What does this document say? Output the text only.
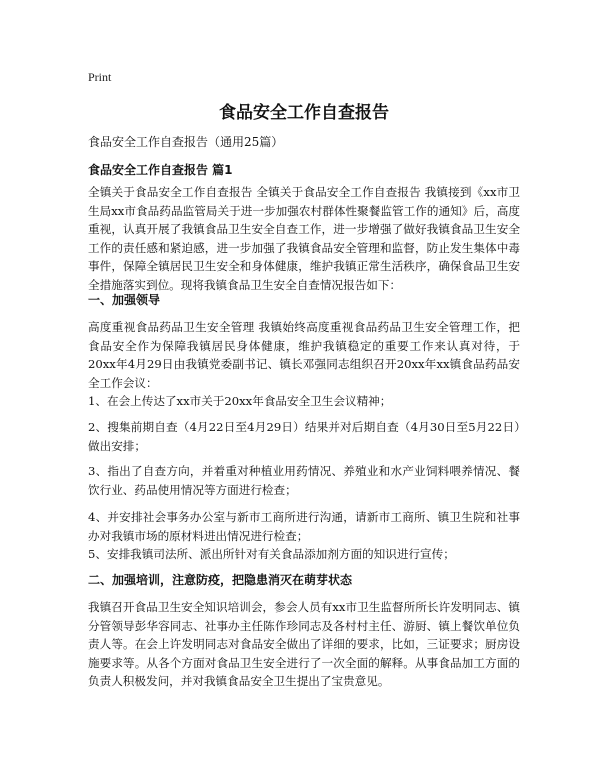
Print
食品安全工作自查报告
食品安全工作自查报告（通用25篇）
食品安全工作自查报告 篇1
全镇关于食品安全工作自查报告 全镇关于食品安全工作自查报告 我镇接到《xx市卫生局xx市食品药品监管局关于进一步加强农村群体性聚餐监管工作的通知》后，高度重视，认真开展了我镇食品卫生安全自查工作，进一步增强了做好我镇食品卫生安全工作的责任感和紧迫感，进一步加强了我镇食品安全管理和监督，防止发生集体中毒事件，保障全镇居民卫生安全和身体健康，维护我镇正常生活秩序，确保食品卫生安全措施落实到位。现将我镇食品卫生安全自查情况报告如下：
一、加强领导
高度重视食品药品卫生安全管理 我镇始终高度重视食品药品卫生安全管理工作，把食品安全作为保障我镇居民身体健康，维护我镇稳定的重要工作来认真对待，于20xx年4月29日由我镇党委副书记、镇长邓强同志组织召开20xx年xx镇食品药品安全工作会议：
1、在会上传达了xx市关于20xx年食品安全卫生会议精神；
2、搜集前期自查（4月22日至4月29日）结果并对后期自查（4月30日至5月22日）做出安排；
3、指出了自查方向，并着重对种植业用药情况、养殖业和水产业饲料喂养情况、餐饮行业、药品使用情况等方面进行检查；
4、并安排社会事务办公室与新市工商所进行沟通，请新市工商所、镇卫生院和社事办对我镇市场的原材料进出情况进行检查；
5、安排我镇司法所、派出所针对有关食品添加剂方面的知识进行宣传；
二、加强培训，注意防疫，把隐患消灭在萌芽状态
我镇召开食品卫生安全知识培训会，参会人员有xx市卫生监督所所长许发明同志、镇分管领导彭华容同志、社事办主任陈作珍同志及各村村主任、游厨、镇上餐饮单位负责人等。在会上许发明同志对食品安全做出了详细的要求，比如，三证要求；厨房设施要求等。从各个方面对食品卫生安全进行了一次全面的解释。从事食品加工方面的负责人积极发问，并对我镇食品安全卫生提出了宝贵意见。
